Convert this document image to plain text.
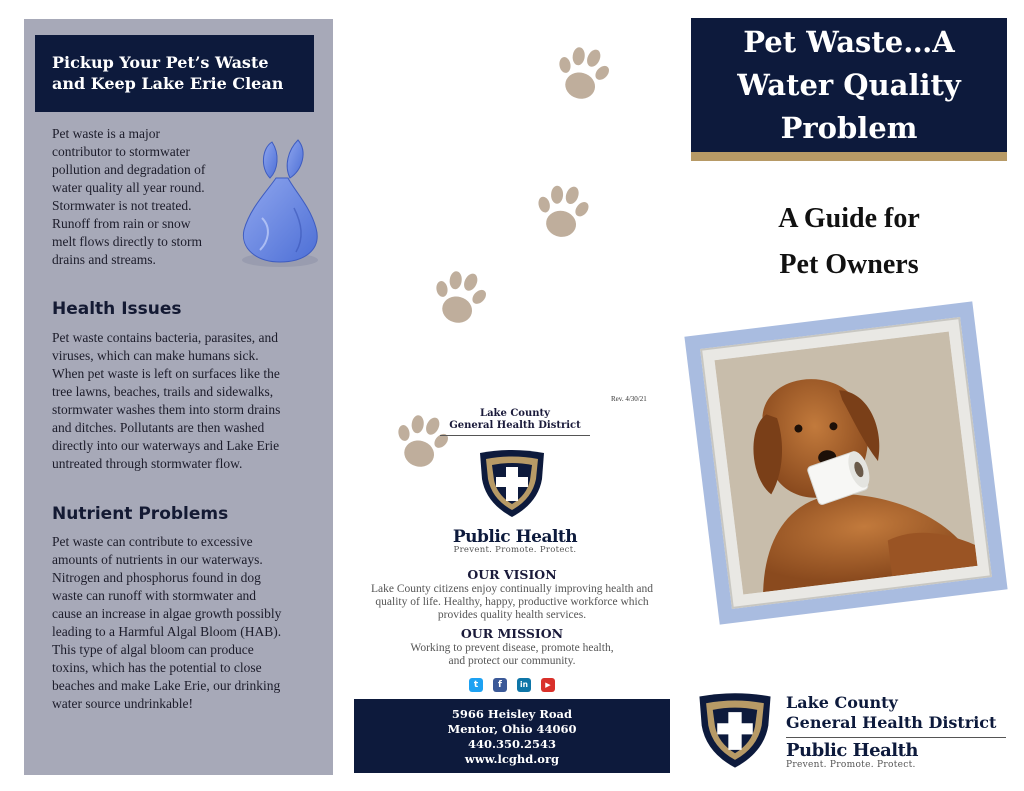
Pickup Your Pet’s Waste
and Keep Lake Erie Clean
Pet waste is a major
contributor to stormwater
pollution and degradation of
water quality all year round.
Stormwater is not treated.
Runoff from rain or snow
melt flows directly to storm
drains and streams.
Health Issues
Pet waste contains bacteria, parasites, and
viruses, which can make humans sick.
When pet waste is left on surfaces like the
tree lawns, beaches, trails and sidewalks,
stormwater washes them into storm drains
and ditches. Pollutants are then washed
directly into our waterways and Lake Erie
untreated through stormwater flow.
Nutrient Problems
Pet waste can contribute to excessive
amounts of nutrients in our waterways.
Nitrogen and phosphorus found in dog
waste can runoff with stormwater and
cause an increase in algae growth possibly
leading to a Harmful Algal Bloom (HAB).
This type of algal bloom can produce
toxins, which has the potential to close
beaches and make Lake Erie, our drinking
water source undrinkable!
Rev. 4/30/21
Lake County
General Health District
Public Health
Prevent. Promote. Protect.
OUR VISION
Lake County citizens enjoy continually improving health and
quality of life. Healthy, happy, productive workforce which
provides quality health services.
OUR MISSION
Working to prevent disease, promote health,
and protect our community.
t f in ▶
5966 Heisley Road
Mentor, Ohio 44060
440.350.2543
www.lcghd.org
Pet Waste…A
Water Quality
Problem
A Guide for
Pet Owners
Lake County
General Health District
Public Health
Prevent. Promote. Protect.
